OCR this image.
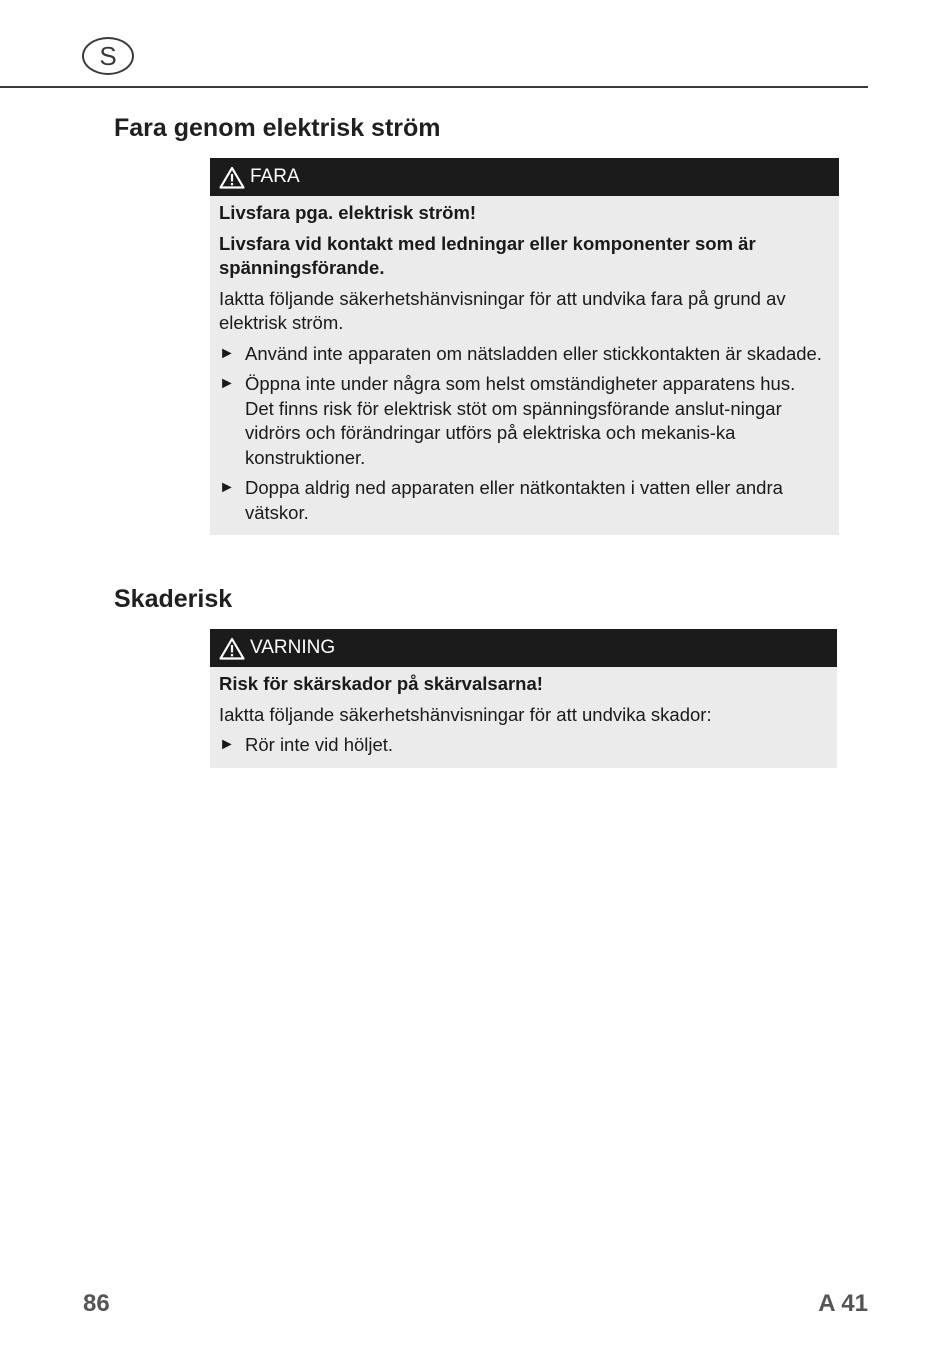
S
Fara genom elektrisk ström
FARA

Livsfara pga. elektrisk ström!

Livsfara vid kontakt med ledningar eller komponenter som är spänningsförande.

Iaktta följande säkerhetshänvisningar för att undvika fara på grund av elektrisk ström.

► Använd inte apparaten om nätsladden eller stickkontakten är skadade.
► Öppna inte under några som helst omständigheter apparatens hus. Det finns risk för elektrisk stöt om spänningsförande anslut-ningar vidrörs och förändringar utförs på elektriska och mekanis-ka konstruktioner.
► Doppa aldrig ned apparaten eller nätkontakten i vatten eller andra vätskor.
Skaderisk
VARNING

Risk för skärskador på skärvalsarna!

Iaktta följande säkerhetshänvisningar för att undvika skador:

► Rör inte vid höljet.
86	A 41
